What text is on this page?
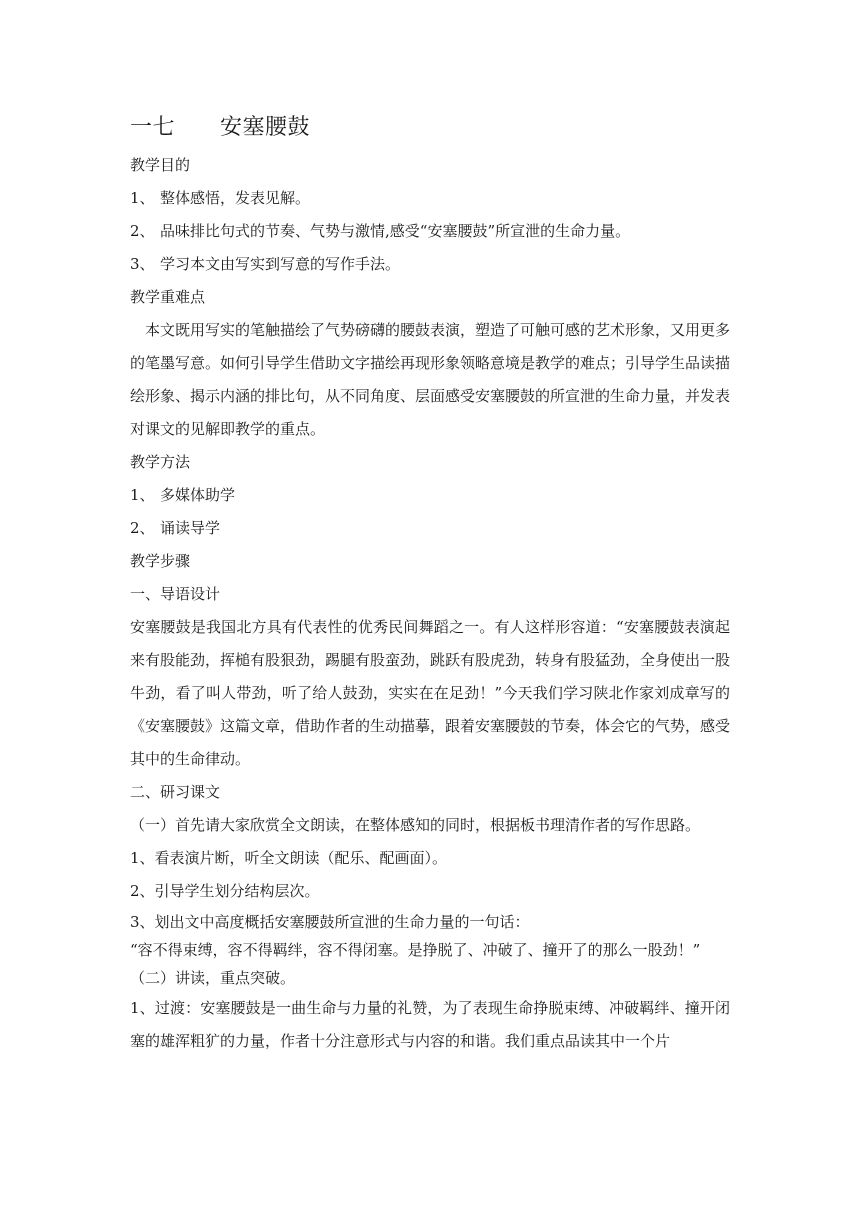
一七　　安塞腰鼓
教学目的
1、 整体感悟，发表见解。
2、 品味排比句式的节奏、气势与激情,感受“安塞腰鼓”所宣泄的生命力量。
3、 学习本文由写实到写意的写作手法。
教学重难点

本文既用写实的笔触描绘了气势磅礴的腰鼓表演，塑造了可触可感的艺术形象，又用更多的笔墨写意。如何引导学生借助文字描绘再现形象领略意境是教学的难点；引导学生品读描绘形象、揭示内涵的排比句，从不同角度、层面感受安塞腰鼓的所宣泄的生命力量，并发表对课文的见解即教学的重点。

教学方法
1、 多媒体助学
2、 诵读导学
教学步骤
一、导语设计

安塞腰鼓是我国北方具有代表性的优秀民间舞蹈之一。有人这样形容道：“安塞腰鼓表演起来有股能劲，挥槌有股狠劲，踢腿有股蛮劲，跳跃有股虎劲，转身有股猛劲，全身使出一股牛劲，看了叫人带劲，听了给人鼓劲，实实在在足劲！”今天我们学习陕北作家刘成章写的《安塞腰鼓》这篇文章，借助作者的生动描摹，跟着安塞腰鼓的节奏，体会它的气势，感受其中的生命律动。

二、研习课文
（一）首先请大家欣赏全文朗读，在整体感知的同时，根据板书理清作者的写作思路。
1、看表演片断，听全文朗读（配乐、配画面）。
2、引导学生划分结构层次。
3、划出文中高度概括安塞腰鼓所宣泄的生命力量的一句话：
“容不得束缚，容不得羁绊，容不得闭塞。是挣脱了、冲破了、撞开了的那么一股劲！”
（二）讲读，重点突破。

1、过渡：安塞腰鼓是一曲生命与力量的礼赞，为了表现生命挣脱束缚、冲破羁绊、撞开闭塞的雄浑粗犷的力量，作者十分注意形式与内容的和谐。我们重点品读其中一个片
